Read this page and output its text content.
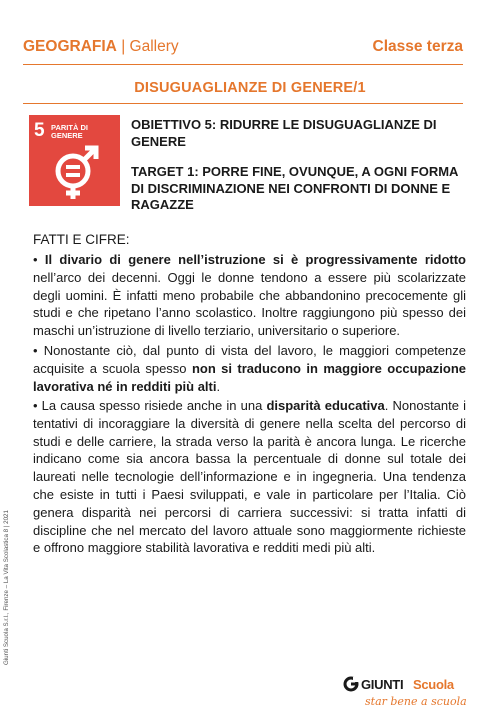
GEOGRAFIA | Gallery	Classe terza
DISUGUAGLIANZE DI GENERE/1
5 PARITÀ DI GENERE
OBIETTIVO 5: RIDURRE LE DISUGUAGLIANZE DI GENERE
TARGET 1: PORRE FINE, OVUNQUE, A OGNI FORMA DI DISCRIMINAZIONE NEI CONFRONTI DI DONNE E RAGAZZE
FATTI E CIFRE:
• Il divario di genere nell’istruzione si è progressivamente ridotto nell’arco dei decenni. Oggi le donne tendono a essere più scolarizzate degli uomini. È infatti meno probabile che abbandonino precocemente gli studi e che ripetano l’anno scolastico. Inoltre raggiungono più spesso dei maschi un’istruzione di livello terziario, universitario o superiore.
• Nonostante ciò, dal punto di vista del lavoro, le maggiori competenze acquisite a scuola spesso non si traducono in maggiore occupazione lavorativa né in redditi più alti.
• La causa spesso risiede anche in una disparità educativa. Nonostante i tentativi di incoraggiare la diversità di genere nella scelta del percorso di studi e delle carriere, la strada verso la parità è ancora lunga. Le ricerche indicano come sia ancora bassa la percentuale di donne sul totale dei laureati nelle tecnologie dell’informazione e in ingegneria. Una tendenza che esiste in tutti i Paesi sviluppati, e vale in particolare per l’Italia. Ciò genera disparità nei percorsi di carriera successivi: si tratta infatti di discipline che nel mercato del lavoro attuale sono maggiormente richieste e offrono maggiore stabilità lavorativa e redditi medi più alti.
Giunti Scuola S.r.l., Firenze – La Vita Scolastica 8 | 2021
GIUNTI Scuola
star bene a scuola
